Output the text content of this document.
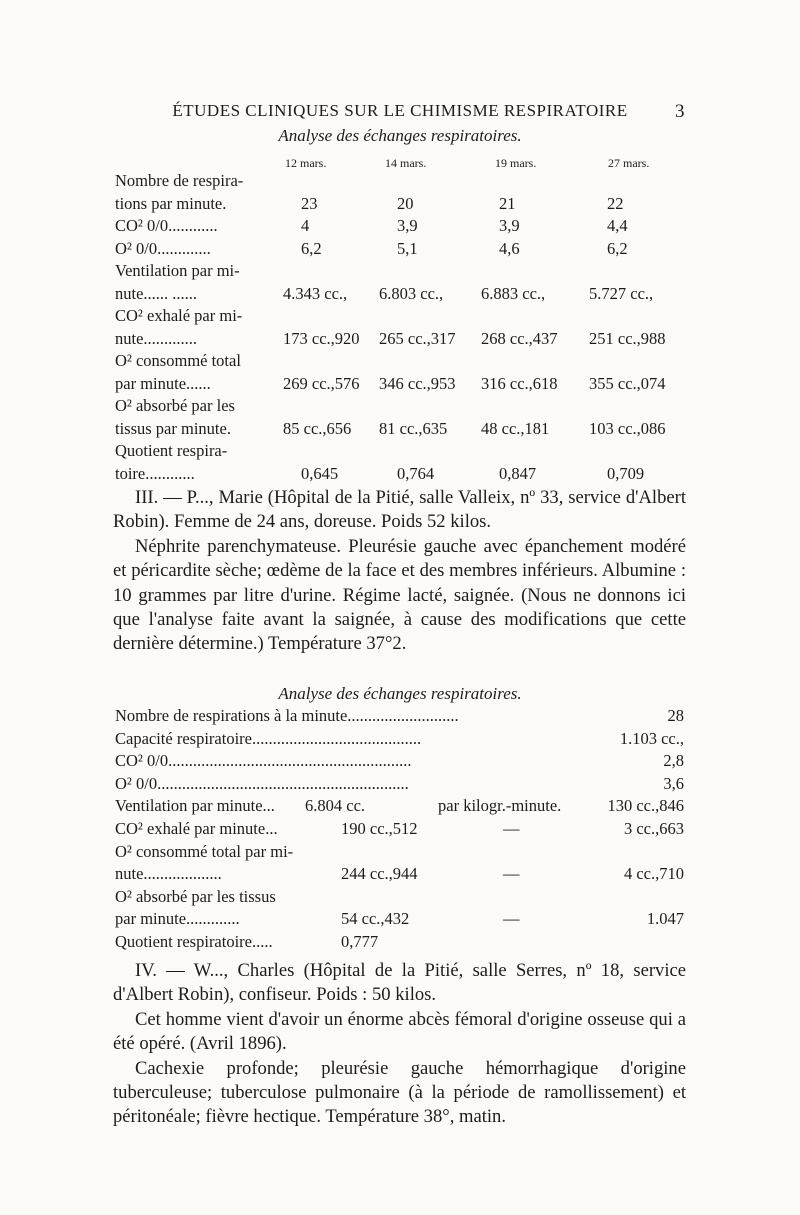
ÉTUDES CLINIQUES SUR LE CHIMISME RESPIRATOIRE 3
Analyse des échanges respiratoires.
12 mars.	14 mars.	19 mars.	27 mars.
Nombre de respira-
tions par minute.	23	20	21	22
CO² 0/0............	4	3,9	3,9	4,4
O² 0/0.............	6,2	5,1	4,6	6,2
Ventilation par mi-
nute...... ......	4.343 cc., 6.803 cc., 6.883 cc.,	5.727 cc.,
CO² exhalé par mi-
nute.............	173 cc.,920 265 cc.,317 268 cc.,437 251 cc.,988
O² consommé total
par minute......	269 cc.,576 346 cc.,953 316 cc.,618 355 cc.,074
O² absorbé par les
tissus par minute.	85 cc.,656 81 cc.,635 48 cc.,181 103 cc.,086
Quotient respira-
toire............	0,645	0,764	0,847	0,709

III. — P..., Marie (Hôpital de la Pitié, salle Valleix, nº 33, service d'Albert Robin). Femme de 24 ans, doreuse. Poids 52 kilos.

Néphrite parenchymateuse. Pleurésie gauche avec épanchement modéré et péricardite sèche; œdème de la face et des membres inférieurs. Albumine : 10 grammes par litre d'urine. Régime lacté, saignée. (Nous ne donnons ici que l'analyse faite avant la saignée, à cause des modifications que cette dernière détermine.) Température 37°2.

Analyse des échanges respiratoires.
Nombre de respirations à la minute...........................	28
Capacité respiratoire.........................................	1.103 cc.,
CO² 0/0...........................................................	2,8
O² 0/0.............................................................	3,6
Ventilation par minute... 6.804 cc.	par kilogr.-minute.	130 cc.,846
CO² exhalé par minute...	190 cc.,512	—	3 cc.,663
O² consommé total par mi-
nute...................	244 cc.,944	—	4 cc.,710
O² absorbé par les tissus
par minute.............	54 cc.,432	—	1.047
Quotient respiratoire.....	0,777

IV. — W..., Charles (Hôpital de la Pitié, salle Serres, nº 18, service d'Albert Robin), confiseur. Poids : 50 kilos.

Cet homme vient d'avoir un énorme abcès fémoral d'origine osseuse qui a été opéré. (Avril 1896).

Cachexie profonde; pleurésie gauche hémorrhagique d'origine tuberculeuse; tuberculose pulmonaire (à la période de ramollissement) et péritonéale; fièvre hectique. Température 38°, matin.
